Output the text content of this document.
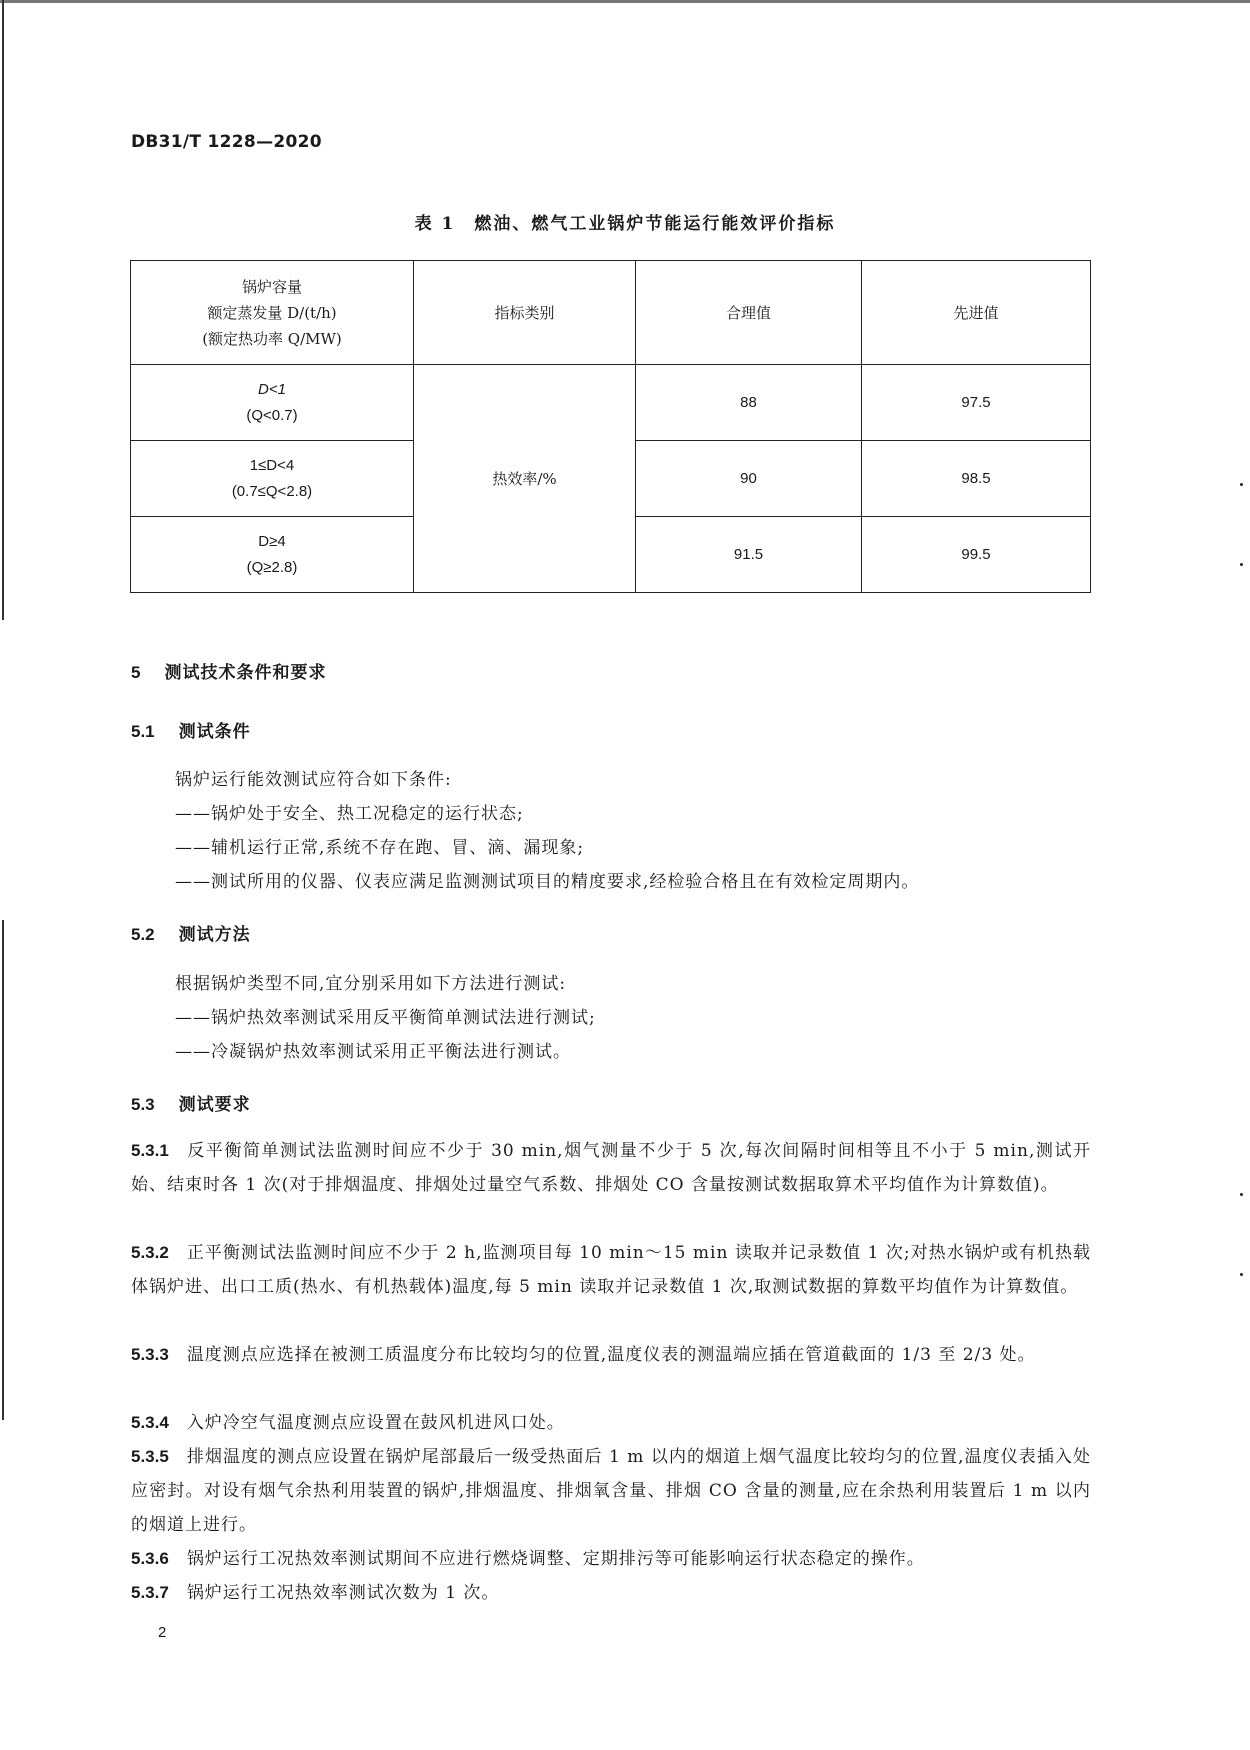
DB31/T 1228—2020
表 1　燃油、燃气工业锅炉节能运行能效评价指标
锅炉容量
额定蒸发量 D/(t/h)
(额定热功率 Q/MW)	指标类别	合理值	先进值

D<1
(Q<0.7)	热效率/%	88	97.5

1≤D<4
(0.7≤Q<2.8)		90	98.5

D≥4
(Q≥2.8)		91.5	99.5
5 测试技术条件和要求
5.1 测试条件
锅炉运行能效测试应符合如下条件:
——锅炉处于安全、热工况稳定的运行状态;
——辅机运行正常,系统不存在跑、冒、滴、漏现象;
——测试所用的仪器、仪表应满足监测测试项目的精度要求,经检验合格且在有效检定周期内。
5.2 测试方法
根据锅炉类型不同,宜分别采用如下方法进行测试:
——锅炉热效率测试采用反平衡简单测试法进行测试;
——冷凝锅炉热效率测试采用正平衡法进行测试。
5.3 测试要求
5.3.1 反平衡简单测试法监测时间应不少于 30 min,烟气测量不少于 5 次,每次间隔时间相等且不小于 5 min,测试开始、结束时各 1 次(对于排烟温度、排烟处过量空气系数、排烟处 CO 含量按测试数据取算术平均值作为计算数值)。
5.3.2 正平衡测试法监测时间应不少于 2 h,监测项目每 10 min～15 min 读取并记录数值 1 次;对热水锅炉或有机热载体锅炉进、出口工质(热水、有机热载体)温度,每 5 min 读取并记录数值 1 次,取测试数据的算数平均值作为计算数值。
5.3.3 温度测点应选择在被测工质温度分布比较均匀的位置,温度仪表的测温端应插在管道截面的 1/3 至 2/3 处。
5.3.4 入炉冷空气温度测点应设置在鼓风机进风口处。
5.3.5 排烟温度的测点应设置在锅炉尾部最后一级受热面后 1 m 以内的烟道上烟气温度比较均匀的位置,温度仪表插入处应密封。对设有烟气余热利用装置的锅炉,排烟温度、排烟氧含量、排烟 CO 含量的测量,应在余热利用装置后 1 m 以内的烟道上进行。
5.3.6 锅炉运行工况热效率测试期间不应进行燃烧调整、定期排污等可能影响运行状态稳定的操作。
5.3.7 锅炉运行工况热效率测试次数为 1 次。
2
